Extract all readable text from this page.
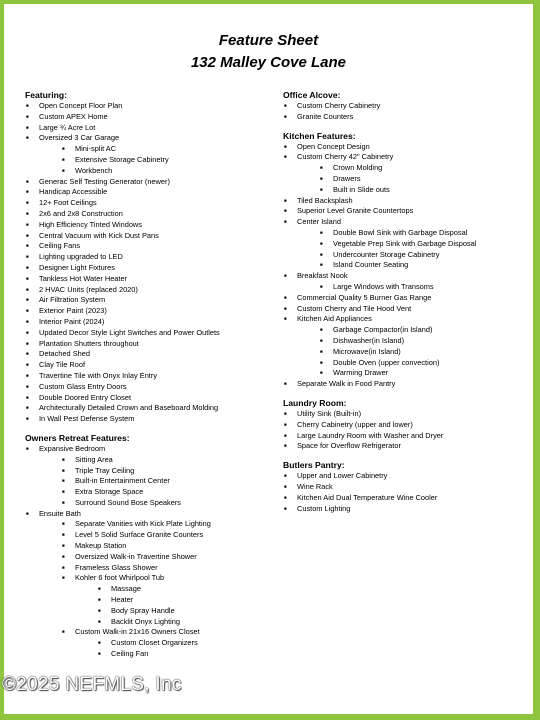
Feature Sheet
132 Malley Cove Lane
Featuring:
■ Open Concept Floor Plan
■ Custom APEX Home
■ Large ¾ Acre Lot
■ Oversized 3 Car Garage
■ Mini-split AC
■ Extensive Storage Cabinetry
■ Workbench
■ Generac Self Testing Generator (newer)
■ Handicap Accessible
■ 12+ Foot Ceilings
■ 2x6 and 2x8 Construction
■ High Efficiency Tinted Windows
■ Central Vacuum with Kick Dust Pans
■ Ceiling Fans
■ Lighting upgraded to LED
■ Designer Light Fixtures
■ Tankless Hot Water Heater
■ 2 HVAC Units (replaced 2020)
■ Air Filtration System
■ Exterior Paint (2023)
■ Interior Paint (2024)
■ Updated Decor Style Light Switches and Power Outlets
■ Plantation Shutters throughout
■ Detached Shed
■ Clay Tile Roof
■ Travertine Tile with Onyx Inlay Entry
■ Custom Glass Entry Doors
■ Double Doored Entry Closet
■ Architecturally Detailed Crown and Baseboard Molding
■ In Wall Pest Defense System
Owners Retreat Features:
■ Expansive Bedroom
■ Sitting Area
■ Triple Tray Ceiling
■ Built-in Entertainment Center
■ Extra Storage Space
■ Surround Sound Bose Speakers
■ Ensuite Bath
■ Separate Vanities with Kick Plate Lighting
■ Level 5 Solid Surface Granite Counters
■ Makeup Station
■ Oversized Walk-in Travertine Shower
■ Frameless Glass Shower
■ Kohler 6 foot Whirlpool Tub
■ Massage
■ Heater
■ Body Spray Handle
■ Backlit Onyx Lighting
■ Custom Walk-in 21x16 Owners Closet
■ Custom Closet Organizers
■ Ceiling Fan
Office Alcove:
■ Custom Cherry Cabinetry
■ Granite Counters
Kitchen Features:
■ Open Concept Design
■ Custom Cherry 42" Cabinetry
■ Crown Molding
■ Drawers
■ Built in Slide outs
■ Tiled Backsplash
■ Superior Level Granite Countertops
■ Center Island
■ Double Bowl Sink with Garbage Disposal
■ Vegetable Prep Sink with Garbage Disposal
■ Undercounter Storage Cabinetry
■ Island Counter Seating
■ Breakfast Nook
■ Large Windows with Transoms
■ Commercial Quality 5 Burner Gas Range
■ Custom Cherry and Tile Hood Vent
■ Kitchen Aid Appliances
■ Garbage Compactor(in Island)
■ Dishwasher(in Island)
■ Microwave(in Island)
■ Double Oven (upper convection)
■ Warming Drawer
■ Separate Walk in Food Pantry
Laundry Room:
■ Utility Sink (Built-in)
■ Cherry Cabinetry (upper and lower)
■ Large Laundry Room with Washer and Dryer
■ Space for Overflow Refrigerator
Butlers Pantry:
■ Upper and Lower Cabinetry
■ Wine Rack
■ Kitchen Aid Dual Temperature Wine Cooler
■ Custom Lighting
©2025 NEFMLS, Inc
